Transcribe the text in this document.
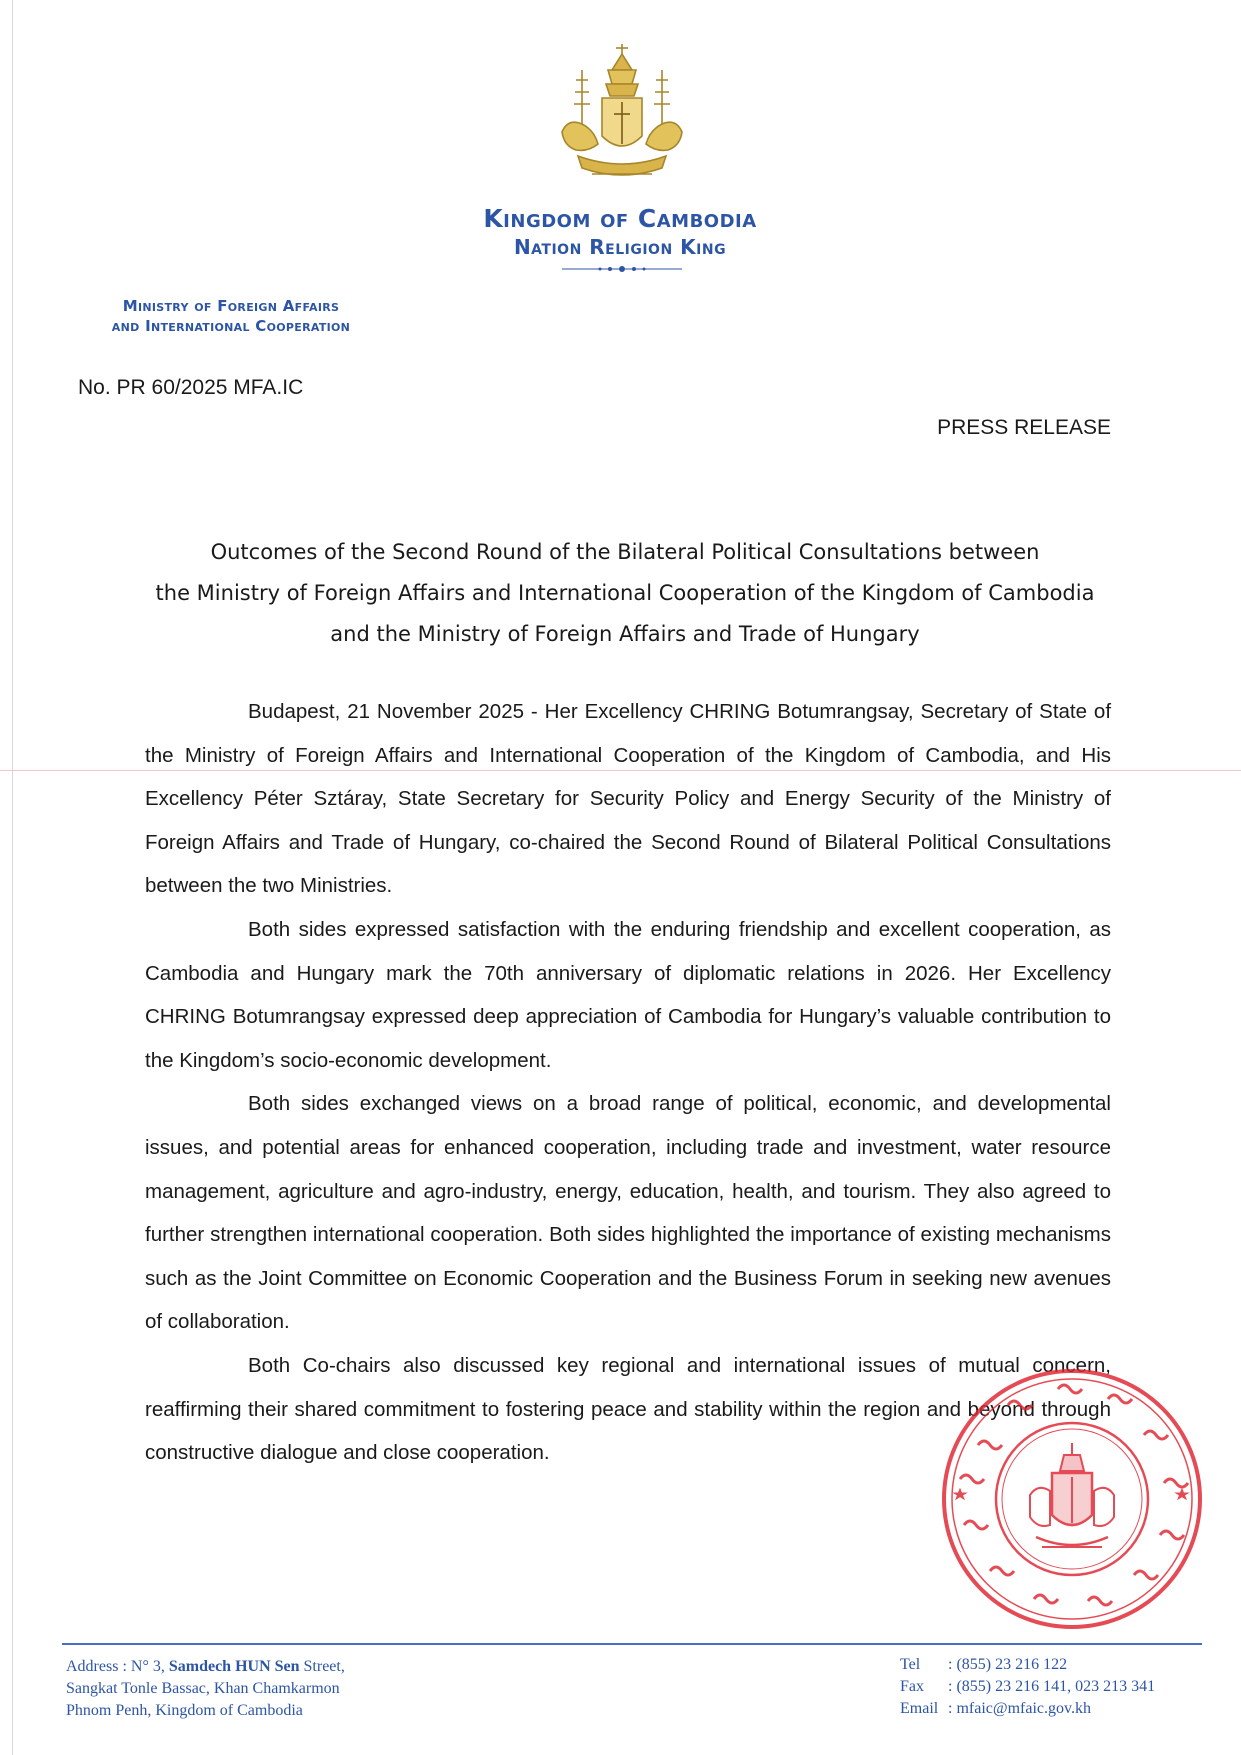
Kingdom of Cambodia
Nation Religion King
Ministry of Foreign Affairs
and International Cooperation
No. PR 60/2025 MFA.IC
PRESS RELEASE
Outcomes of the Second Round of the Bilateral Political Consultations between
the Ministry of Foreign Affairs and International Cooperation of the Kingdom of Cambodia
and the Ministry of Foreign Affairs and Trade of Hungary

Budapest, 21 November 2025 - Her Excellency CHRING Botumrangsay, Secretary of State of the Ministry of Foreign Affairs and International Cooperation of the Kingdom of Cambodia, and His Excellency Péter Sztáray, State Secretary for Security Policy and Energy Security of the Ministry of Foreign Affairs and Trade of Hungary, co-chaired the Second Round of Bilateral Political Consultations between the two Ministries.

Both sides expressed satisfaction with the enduring friendship and excellent cooperation, as Cambodia and Hungary mark the 70th anniversary of diplomatic relations in 2026. Her Excellency CHRING Botumrangsay expressed deep appreciation of Cambodia for Hungary’s valuable contribution to the Kingdom’s socio-economic development.

Both sides exchanged views on a broad range of political, economic, and developmental issues, and potential areas for enhanced cooperation, including trade and investment, water resource management, agriculture and agro-industry, energy, education, health, and tourism. They also agreed to further strengthen international cooperation. Both sides highlighted the importance of existing mechanisms such as the Joint Committee on Economic Cooperation and the Business Forum in seeking new avenues of collaboration.

Both Co-chairs also discussed key regional and international issues of mutual concern, reaffirming their shared commitment to fostering peace and stability within the region and beyond through constructive dialogue and close cooperation.

Address : N° 3, Samdech HUN Sen Street,
Sangkat Tonle Bassac, Khan Chamkarmon
Phnom Penh, Kingdom of Cambodia
Tel : (855) 23 216 122
Fax : (855) 23 216 141, 023 213 341
Email : mfaic@mfaic.gov.kh
